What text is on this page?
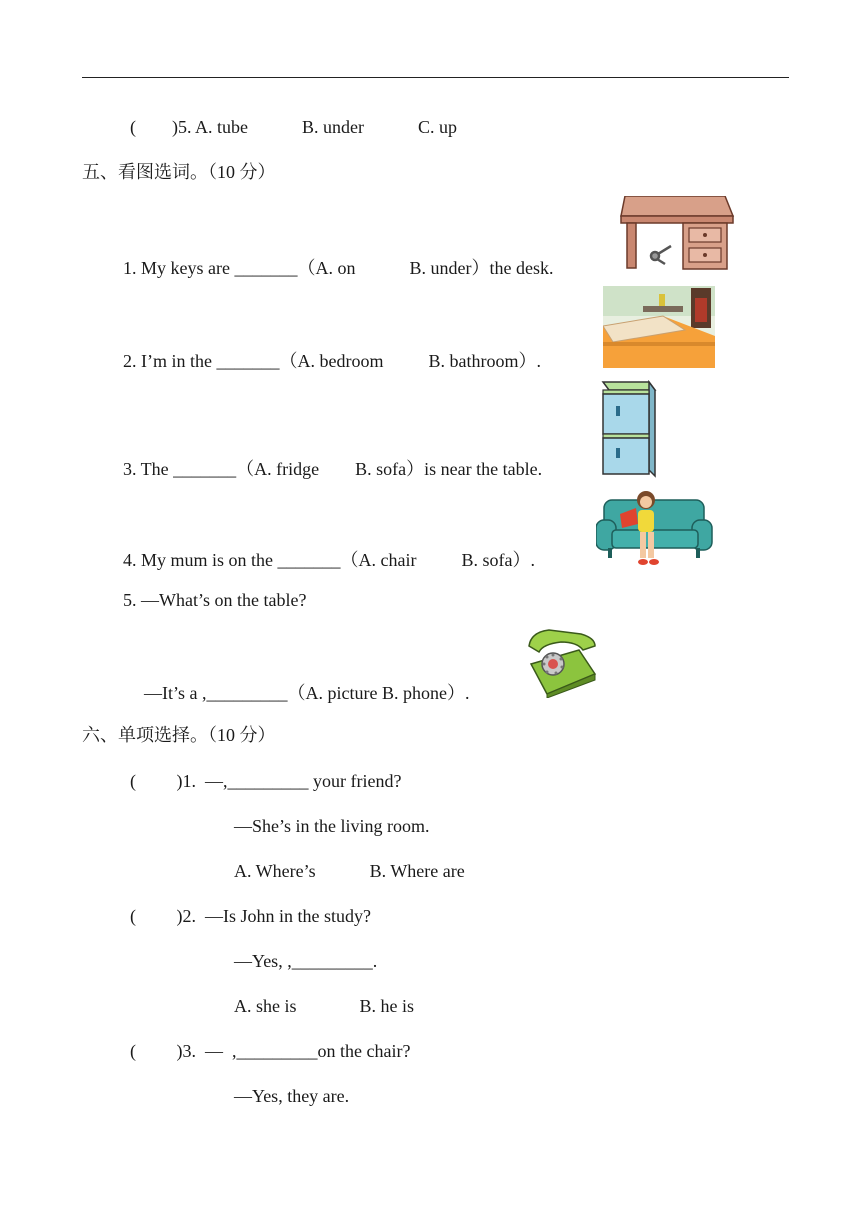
(        )5. A. tube            B. under            C. up
五、看图选词。（10 分）
1. My keys are _______（A. on            B. under）the desk.
2. I’m in the _______（A. bedroom          B. bathroom）.
3. The _______（A. fridge        B. sofa）is near the table.
4. My mum is on the _______（A. chair          B. sofa）.
5. —What’s on the table?
—It’s a ,_________（A. picture B. phone）.
六、单项选择。（10 分）
(         )1.  —,_________ your friend?
—She’s in the living room.
A. Where’s            B. Where are
(         )2.  —Is John in the study?
—Yes, ,_________.
A. she is              B. he is
(         )3.  —  ,_________on the chair?
—Yes, they are.
